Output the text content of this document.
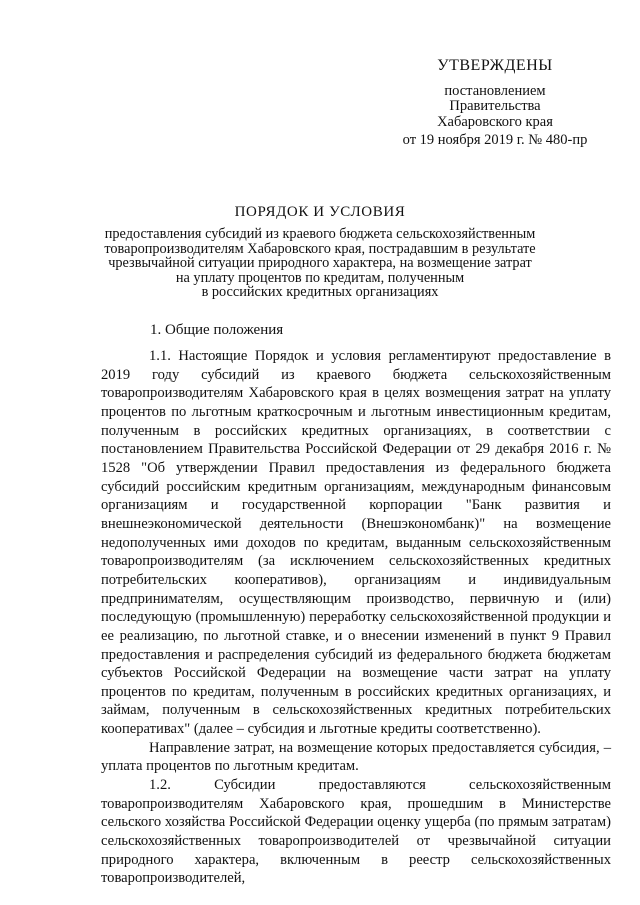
УТВЕРЖДЕНЫ
постановлением
Правительства
Хабаровского края
от 19 ноября 2019 г. № 480-пр
ПОРЯДОК И УСЛОВИЯ
предоставления субсидий из краевого бюджета сельскохозяйственным
товаропроизводителям Хабаровского края, пострадавшим в результате
чрезвычайной ситуации природного характера, на возмещение затрат
на уплату процентов по кредитам, полученным
в российских кредитных организациях
1. Общие положения

1.1. Настоящие Порядок и условия регламентируют предоставление в 2019 году субсидий из краевого бюджета сельскохозяйственным товаропроизводителям Хабаровского края в целях возмещения затрат на уплату процентов по льготным краткосрочным и льготным инвестиционным кредитам, полученным в российских кредитных организациях, в соответствии с постановлением Правительства Российской Федерации от 29 декабря 2016 г. № 1528 "Об утверждении Правил предоставления из федерального бюджета субсидий российским кредитным организациям, международным финансовым организациям и государственной корпорации "Банк развития и внешнеэкономической деятельности (Внешэкономбанк)" на возмещение недополученных ими доходов по кредитам, выданным сельскохозяйственным товаропроизводителям (за исключением сельскохозяйственных кредитных потребительских кооперативов), организациям и индивидуальным предпринимателям, осуществляющим производство, первичную и (или) последующую (промышленную) переработку сельскохозяйственной продукции и ее реализацию, по льготной ставке, и о внесении изменений в пункт 9 Правил предоставления и распределения субсидий из федерального бюджета бюджетам субъектов Российской Федерации на возмещение части затрат на уплату процентов по кредитам, полученным в российских кредитных организациях, и займам, полученным в сельскохозяйственных кредитных потребительских кооперативах" (далее – субсидия и льготные кредиты соответственно).

Направление затрат, на возмещение которых предоставляется субсидия, – уплата процентов по льготным кредитам.

1.2. Субсидии предоставляются сельскохозяйственным товаропроизводителям Хабаровского края, прошедшим в Министерстве сельского хозяйства Российской Федерации оценку ущерба (по прямым затратам) сельскохозяйственных товаропроизводителей от чрезвычайной ситуации природного характера, включенным в реестр сельскохозяйственных товаропроизводителей,
